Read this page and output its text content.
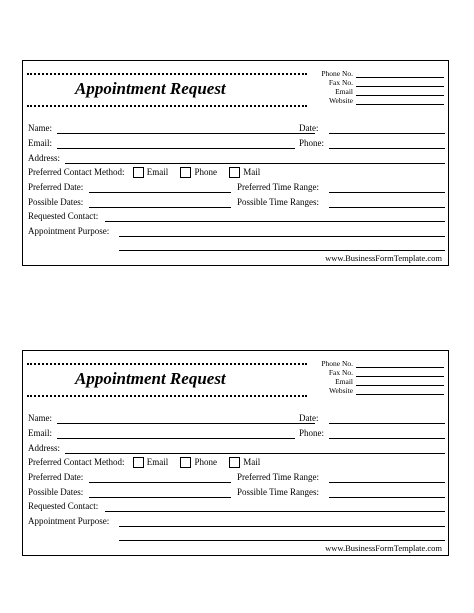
Appointment Request
Phone No.
Fax No.
Email
Website
Name:	Date:
Email:	Phone:
Address:
Preferred Contact Method: Email	Phone	Mail
Preferred Date:	Preferred Time Range:
Possible Dates:	Possible Time Ranges:
Requested Contact:
Appointment Purpose:
www.BusinessFormTemplate.com
Appointment Request
Phone No.
Fax No.
Email
Website
Name:	Date:
Email:	Phone:
Address:
Preferred Contact Method: Email	Phone	Mail
Preferred Date:	Preferred Time Range:
Possible Dates:	Possible Time Ranges:
Requested Contact:
Appointment Purpose:
www.BusinessFormTemplate.com
